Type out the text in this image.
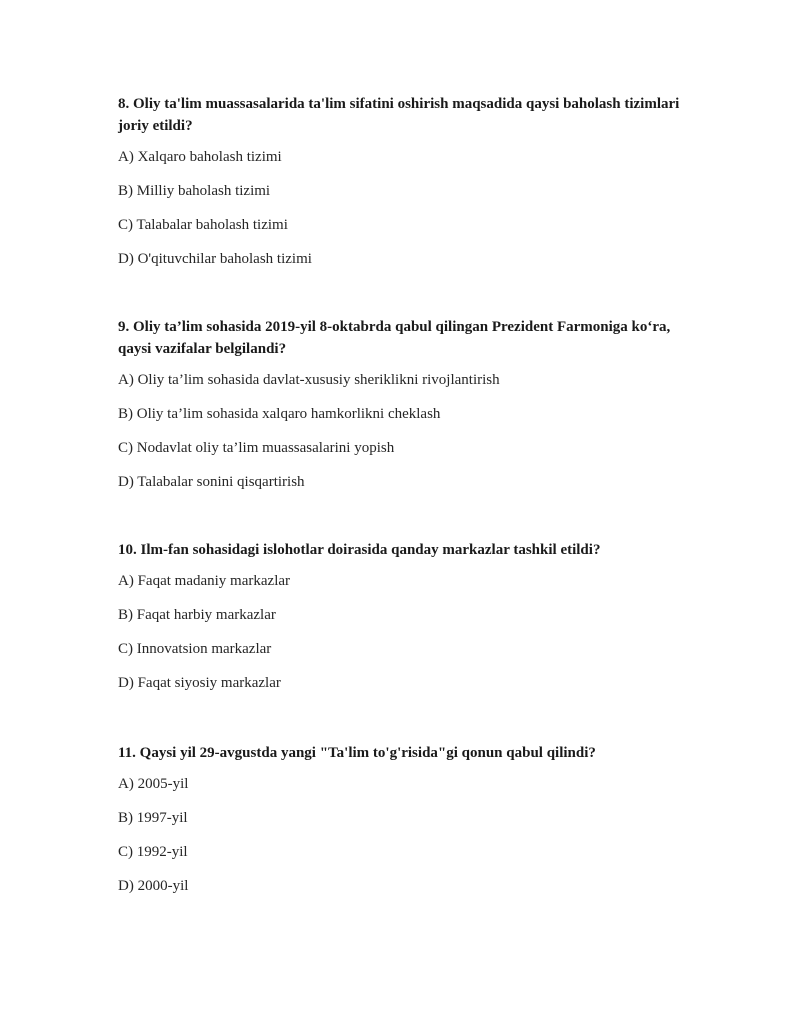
8. Oliy ta'lim muassasalarida ta'lim sifatini oshirish maqsadida qaysi baholash tizimlari joriy etildi?

A) Xalqaro baholash tizimi

B) Milliy baholash tizimi

C) Talabalar baholash tizimi

D) O'qituvchilar baholash tizimi

9. Oliy ta’lim sohasida 2019-yil 8-oktabrda qabul qilingan Prezident Farmoniga ko‘ra, qaysi vazifalar belgilandi?

A) Oliy ta’lim sohasida davlat-xususiy sheriklikni rivojlantirish

B) Oliy ta’lim sohasida xalqaro hamkorlikni cheklash

C) Nodavlat oliy ta’lim muassasalarini yopish

D) Talabalar sonini qisqartirish

10. Ilm-fan sohasidagi islohotlar doirasida qanday markazlar tashkil etildi?

A) Faqat madaniy markazlar

B) Faqat harbiy markazlar

C) Innovatsion markazlar

D) Faqat siyosiy markazlar

11. Qaysi yil 29-avgustda yangi "Ta'lim to'g'risida"gi qonun qabul qilindi?

A) 2005-yil

B) 1997-yil

C) 1992-yil

D) 2000-yil
